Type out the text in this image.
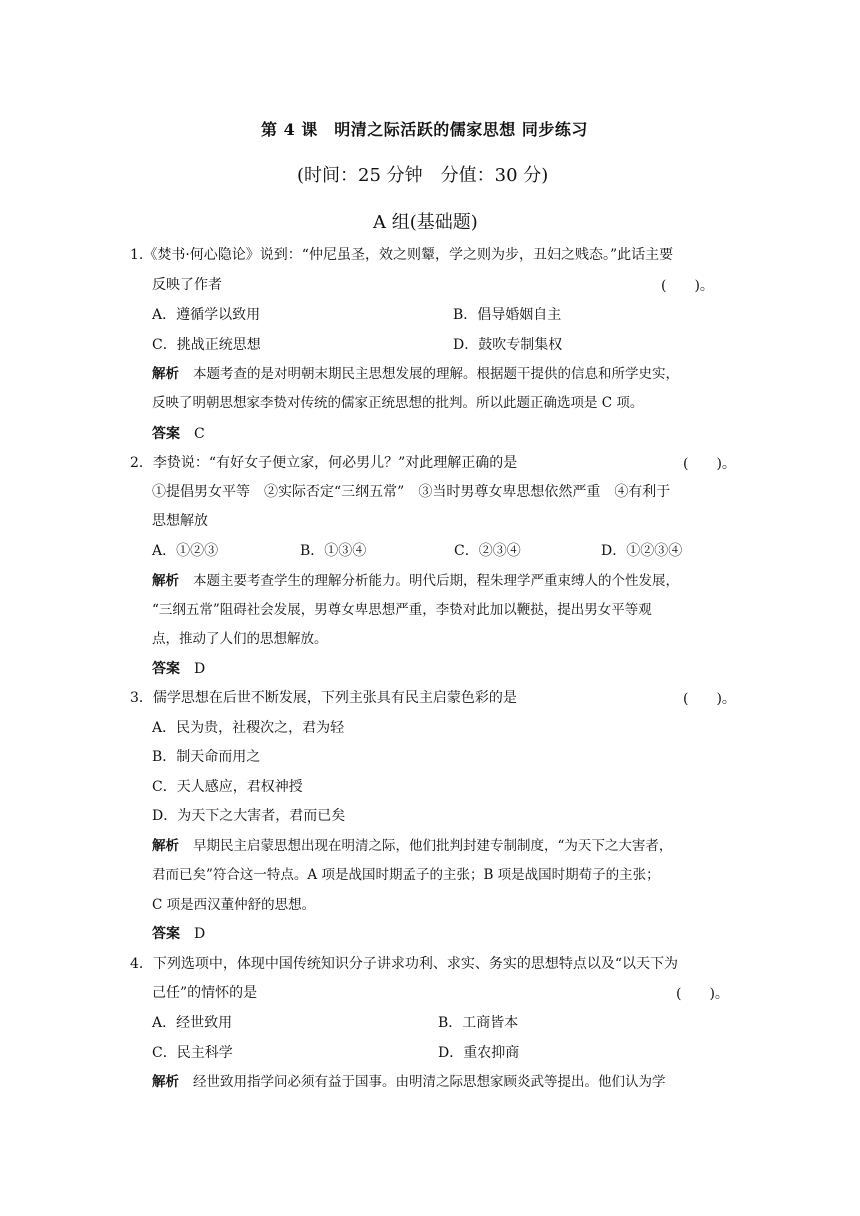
第 4 课　明清之际活跃的儒家思想 同步练习
(时间：25 分钟　分值：30 分)
A 组(基础题)
1.《焚书·何心隐论》说到：“仲尼虽圣，效之则颦，学之则为步，丑妇之贱态。”此话主要
反映了作者	(　　)。
A．遵循学以致用	B．倡导婚姻自主
C．挑战正统思想	D．鼓吹专制集权
解析 本题考查的是对明朝末期民主思想发展的理解。根据题干提供的信息和所学史实，
反映了明朝思想家李贽对传统的儒家正统思想的批判。所以此题正确选项是 C 项。
答案 C
2．李贽说：“有好女子便立家，何必男儿？”对此理解正确的是	(　　)。
①提倡男女平等　②实际否定“三纲五常”　③当时男尊女卑思想依然严重　④有利于
思想解放
A．①②③	B．①③④	C．②③④	D．①②③④
解析 本题主要考查学生的理解分析能力。明代后期，程朱理学严重束缚人的个性发展，
“三纲五常”阻碍社会发展，男尊女卑思想严重，李贽对此加以鞭挞，提出男女平等观
点，推动了人们的思想解放。
答案 D
3．儒学思想在后世不断发展，下列主张具有民主启蒙色彩的是	(　　)。
A．民为贵，社稷次之，君为轻
B．制天命而用之
C．天人感应，君权神授
D．为天下之大害者，君而已矣
解析 早期民主启蒙思想出现在明清之际，他们批判封建专制制度，“为天下之大害者，
君而已矣”符合这一特点。A 项是战国时期孟子的主张；B 项是战国时期荀子的主张；
C 项是西汉董仲舒的思想。
答案 D
4．下列选项中，体现中国传统知识分子讲求功利、求实、务实的思想特点以及“以天下为
己任”的情怀的是	(　　)。
A．经世致用	B．工商皆本
C．民主科学	D．重农抑商
解析 经世致用指学问必须有益于国事。由明清之际思想家顾炎武等提出。他们认为学
